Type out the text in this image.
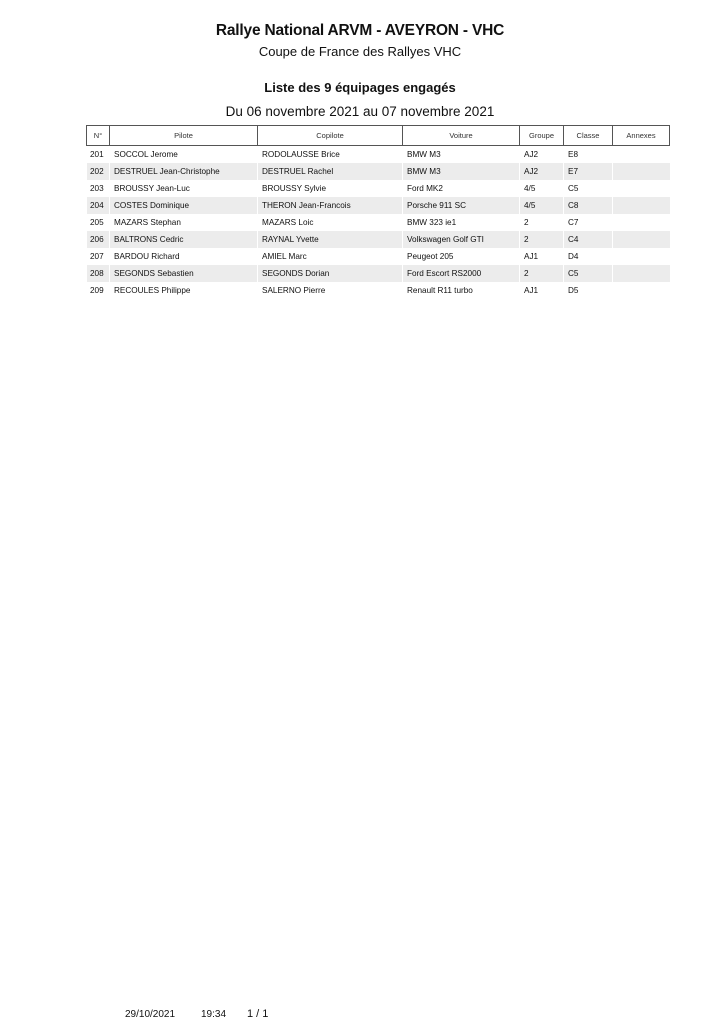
Rallye National ARVM - AVEYRON - VHC
Coupe de France des Rallyes VHC
Liste des 9 équipages engagés
Du 06 novembre 2021 au 07 novembre 2021
N°	Pilote	Copilote	Voiture	Groupe	Classe	Annexes
201	SOCCOL Jerome	RODOLAUSSE Brice	BMW M3	AJ2	E8	
202	DESTRUEL Jean-Christophe	DESTRUEL Rachel	BMW M3	AJ2	E7	
203	BROUSSY Jean-Luc	BROUSSY Sylvie	Ford MK2	4/5	C5	
204	COSTES Dominique	THERON Jean-Francois	Porsche 911 SC	4/5	C8	
205	MAZARS Stephan	MAZARS Loic	BMW 323 ie1	2	C7	
206	BALTRONS Cedric	RAYNAL Yvette	Volkswagen Golf GTI	2	C4	
207	BARDOU Richard	AMIEL Marc	Peugeot 205	AJ1	D4	
208	SEGONDS Sebastien	SEGONDS Dorian	Ford Escort RS2000	2	C5	
209	RECOULES Philippe	SALERNO Pierre	Renault R11 turbo	AJ1	D5	
29/10/2021	19:34 1 / 1
